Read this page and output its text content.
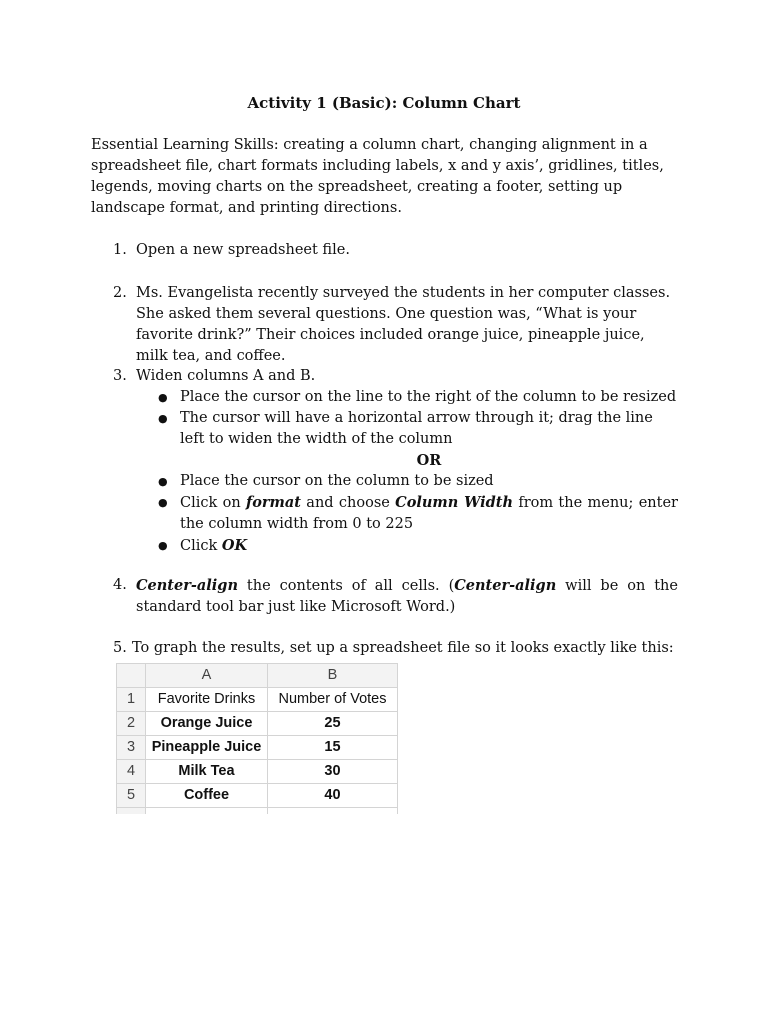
Activity 1 (Basic): Column Chart
Essential Learning Skills: creating a column chart, changing alignment in a spreadsheet file, chart formats including labels, x and y axis’, gridlines, titles, legends, moving charts on the spreadsheet, creating a footer, setting up landscape format, and printing directions.
1. Open a new spreadsheet file.
2. Ms. Evangelista recently surveyed the students in her computer classes. She asked them several questions. One question was, “What is your favorite drink?” Their choices included orange juice, pineapple juice, milk tea, and coffee.
3. Widen columns A and B.
● Place the cursor on the line to the right of the column to be resized
● The cursor will have a horizontal arrow through it; drag the line left to widen the width of the column
OR
● Place the cursor on the column to be sized
● Click on format and choose Column Width from the menu; enter the column width from 0 to 225
● Click OK
4. Center-align the contents of all cells. (Center-align will be on the standard tool bar just like Microsoft Word.)
5. To graph the results, set up a spreadsheet file so it looks exactly like this:
	A	B
1	Favorite Drinks	Number of Votes
2	Orange Juice	25
3	Pineapple Juice	15
4	Milk Tea	30
5	Coffee	40
